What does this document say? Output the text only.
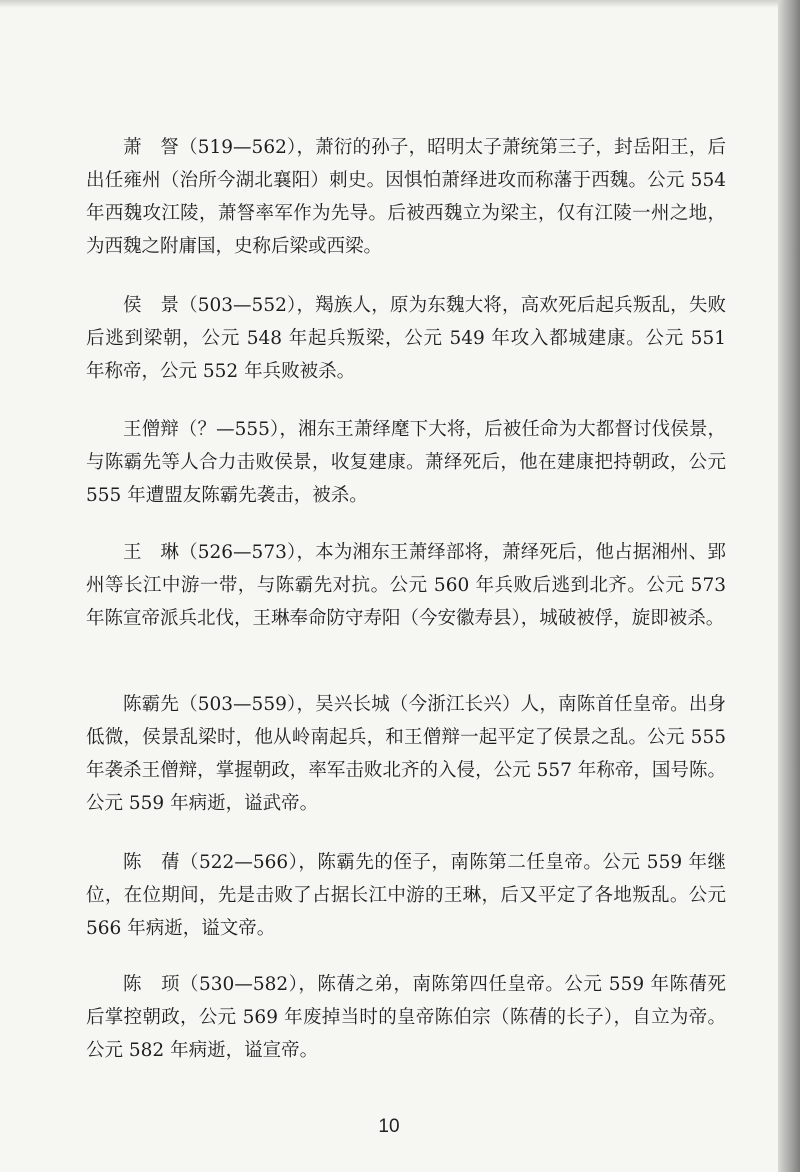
萧　詧（519—562），萧衍的孙子，昭明太子萧统第三子，封岳阳王，后出任雍州（治所今湖北襄阳）刺史。因惧怕萧绎进攻而称藩于西魏。公元 554 年西魏攻江陵，萧詧率军作为先导。后被西魏立为梁主，仅有江陵一州之地，为西魏之附庸国，史称后梁或西梁。

侯　景（503—552），羯族人，原为东魏大将，高欢死后起兵叛乱，失败后逃到梁朝，公元 548 年起兵叛梁，公元 549 年攻入都城建康。公元 551 年称帝，公元 552 年兵败被杀。

王僧辩（？—555），湘东王萧绎麾下大将，后被任命为大都督讨伐侯景，与陈霸先等人合力击败侯景，收复建康。萧绎死后，他在建康把持朝政，公元 555 年遭盟友陈霸先袭击，被杀。

王　琳（526—573），本为湘东王萧绎部将，萧绎死后，他占据湘州、郢州等长江中游一带，与陈霸先对抗。公元 560 年兵败后逃到北齐。公元 573 年陈宣帝派兵北伐，王琳奉命防守寿阳（今安徽寿县），城破被俘，旋即被杀。

陈霸先（503—559），吴兴长城（今浙江长兴）人，南陈首任皇帝。出身低微，侯景乱梁时，他从岭南起兵，和王僧辩一起平定了侯景之乱。公元 555 年袭杀王僧辩，掌握朝政，率军击败北齐的入侵，公元 557 年称帝，国号陈。公元 559 年病逝，谥武帝。

陈　蒨（522—566），陈霸先的侄子，南陈第二任皇帝。公元 559 年继位，在位期间，先是击败了占据长江中游的王琳，后又平定了各地叛乱。公元 566 年病逝，谥文帝。

陈　顼（530—582），陈蒨之弟，南陈第四任皇帝。公元 559 年陈蒨死后掌控朝政，公元 569 年废掉当时的皇帝陈伯宗（陈蒨的长子），自立为帝。公元 582 年病逝，谥宣帝。

10
